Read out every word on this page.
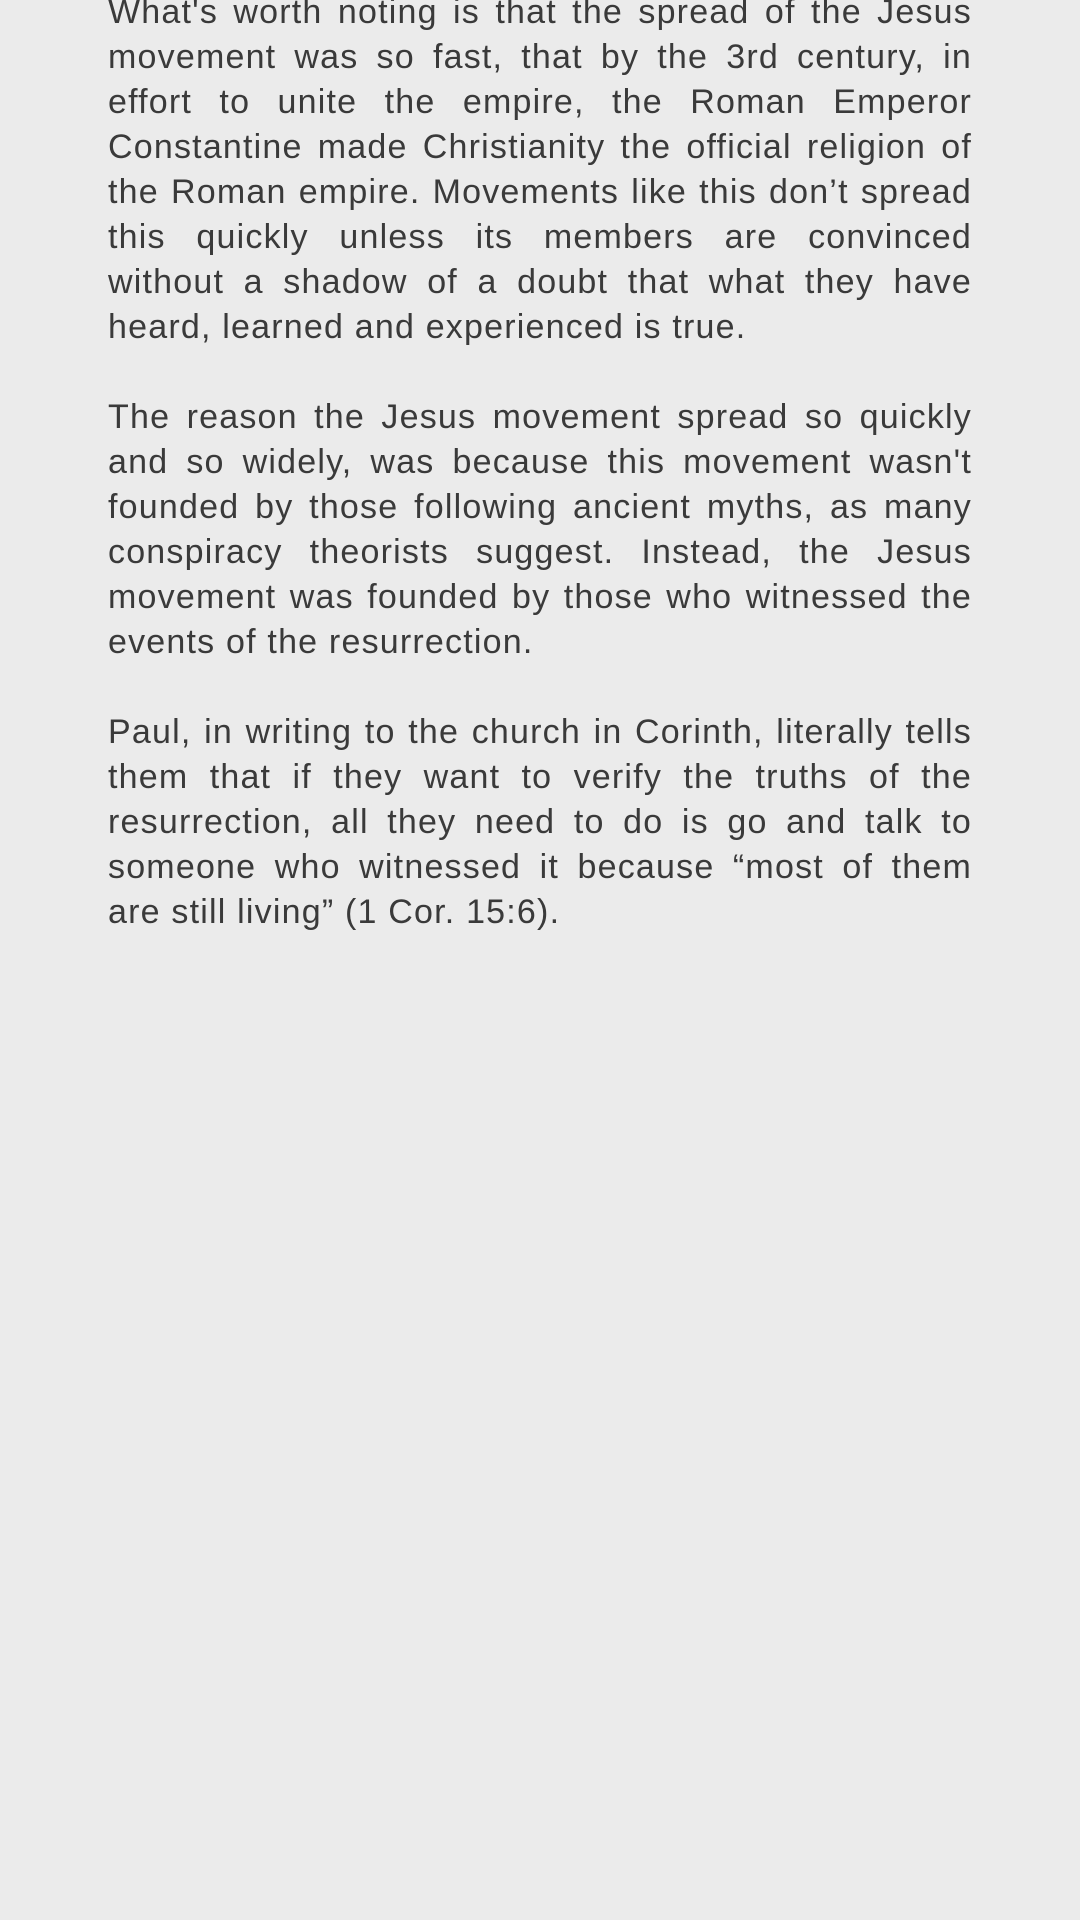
What's worth noting is that the spread of the Jesus movement was so fast, that by the 3rd century, in effort to unite the empire, the Roman Emperor Constantine made Christianity the official religion of the Roman empire. Movements like this don’t spread this quickly unless its members are convinced without a shadow of a doubt that what they have heard, learned and experienced is true.

The reason the Jesus movement spread so quickly and so widely, was because this movement wasn't founded by those following ancient myths, as many conspiracy theorists suggest. Instead, the Jesus movement was founded by those who witnessed the events of the resurrection.

Paul, in writing to the church in Corinth, literally tells them that if they want to verify the truths of the resurrection, all they need to do is go and talk to someone who witnessed it because “most of them are still living” (1 Cor. 15:6).
